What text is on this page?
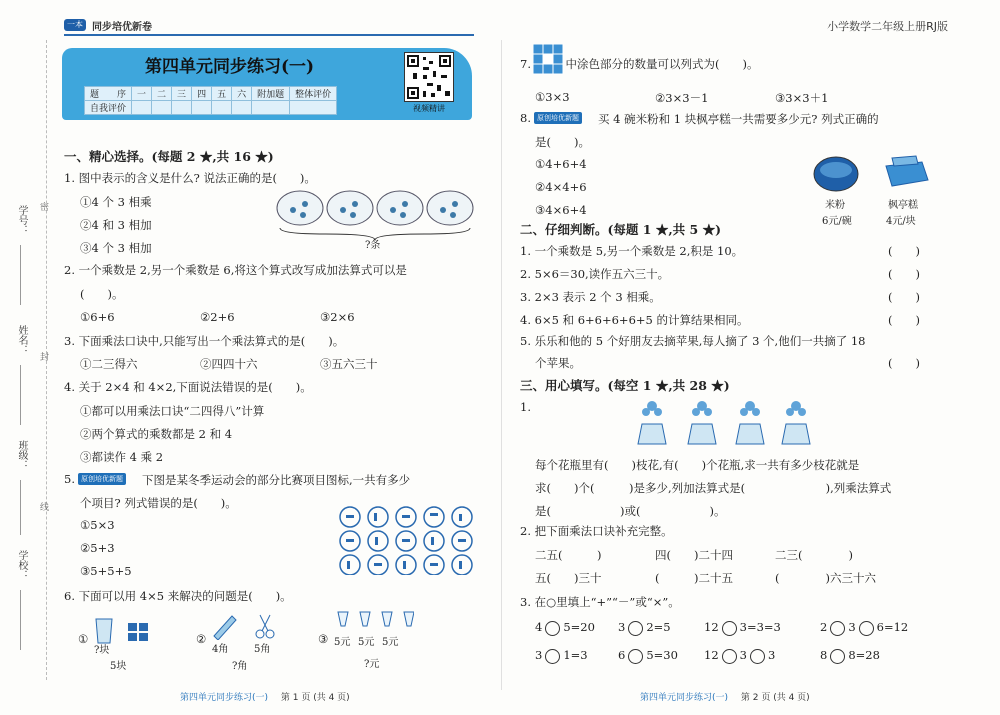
一本 同步培优新卷	小学数学二年级上册RJ版
密
封
线
学号：
姓名：
班级：
学校：
第四单元同步练习(一)
题　　序	一	二	三	四	五	六	附加题	整体评价
自我评价									视频精讲
一、精心选择。(每题 2 ★,共 16 ★)
1. 图中表示的含义是什么? 说法正确的是(　　)。
①4 个 3 相乘
②4 和 3 相加
③4 个 3 相加	?条
2. 一个乘数是 2,另一个乘数是 6,将这个算式改写成加法算式可以是
(　　)。
①6+6	②2+6	③2×6
3. 下面乘法口诀中,只能写出一个乘法算式的是(　　)。
①二三得六	②四四十六	③五六三十
4. 关于 2×4 和 4×2,下面说法错误的是(　　)。
①都可以用乘法口诀“二四得八”计算
②两个算式的乘数都是 2 和 4
③都读作 4 乘 2
5. 原创培优新题 下图是某冬季运动会的部分比赛项目图标,一共有多少
个项目? 列式错误的是(　　)。
①5×3
②5+3
③5+5+5
6. 下面可以用 4×5 来解决的问题是(　　)。
①
?块
5块
②
4角	5角
?角
③ 5元 5元 5元
?元
第四单元同步练习(一) 第 1 页 (共 4 页)
7.　　　中涂色部分的数量可以列式为(　　)。
①3×3	②3×3－1	③3×3＋1
8. 原创培优新题 买 4 碗米粉和 1 块枫亭糕一共需要多少元? 列式正确的
是(　　)。
①4+6+4
②4×4+6
③4×6+4	米粉
6元/碗
枫亭糕
4元/块
二、仔细判断。(每题 1 ★,共 5 ★)
1. 一个乘数是 5,另一个乘数是 2,积是 10。	(　　)
2. 5×6＝30,读作五六三十。	(　　)
3. 2×3 表示 2 个 3 相乘。	(　　)
4. 6×5 和 6+6+6+6+5 的计算结果相同。	(　　)
5. 乐乐和他的 5 个好朋友去摘苹果,每人摘了 3 个,他们一共摘了 18
个苹果。	(　　)
三、用心填写。(每空 1 ★,共 28 ★)
1.
每个花瓶里有(　　)枝花,有(　　)个花瓶,求一共有多少枝花就是
求(　　)个(　　　)是多少,列加法算式是(　　　　　　　),列乘法算式
是(　　　　　　)或(　　　　　　)。
2. 把下面乘法口诀补充完整。
二五(　　　)	四(　　)二十四	二三(　　　　)
五(　　)三十	(　　　)二十五	(　　　　)六三十六
3. 在○里填上“+”“－”或“×”。
4 5=20 3 2=5	12 3=3=3	2 3 6=12
3 1=3	6 5=30 12 3 3	8 8=28
第四单元同步练习(一) 第 2 页 (共 4 页)
